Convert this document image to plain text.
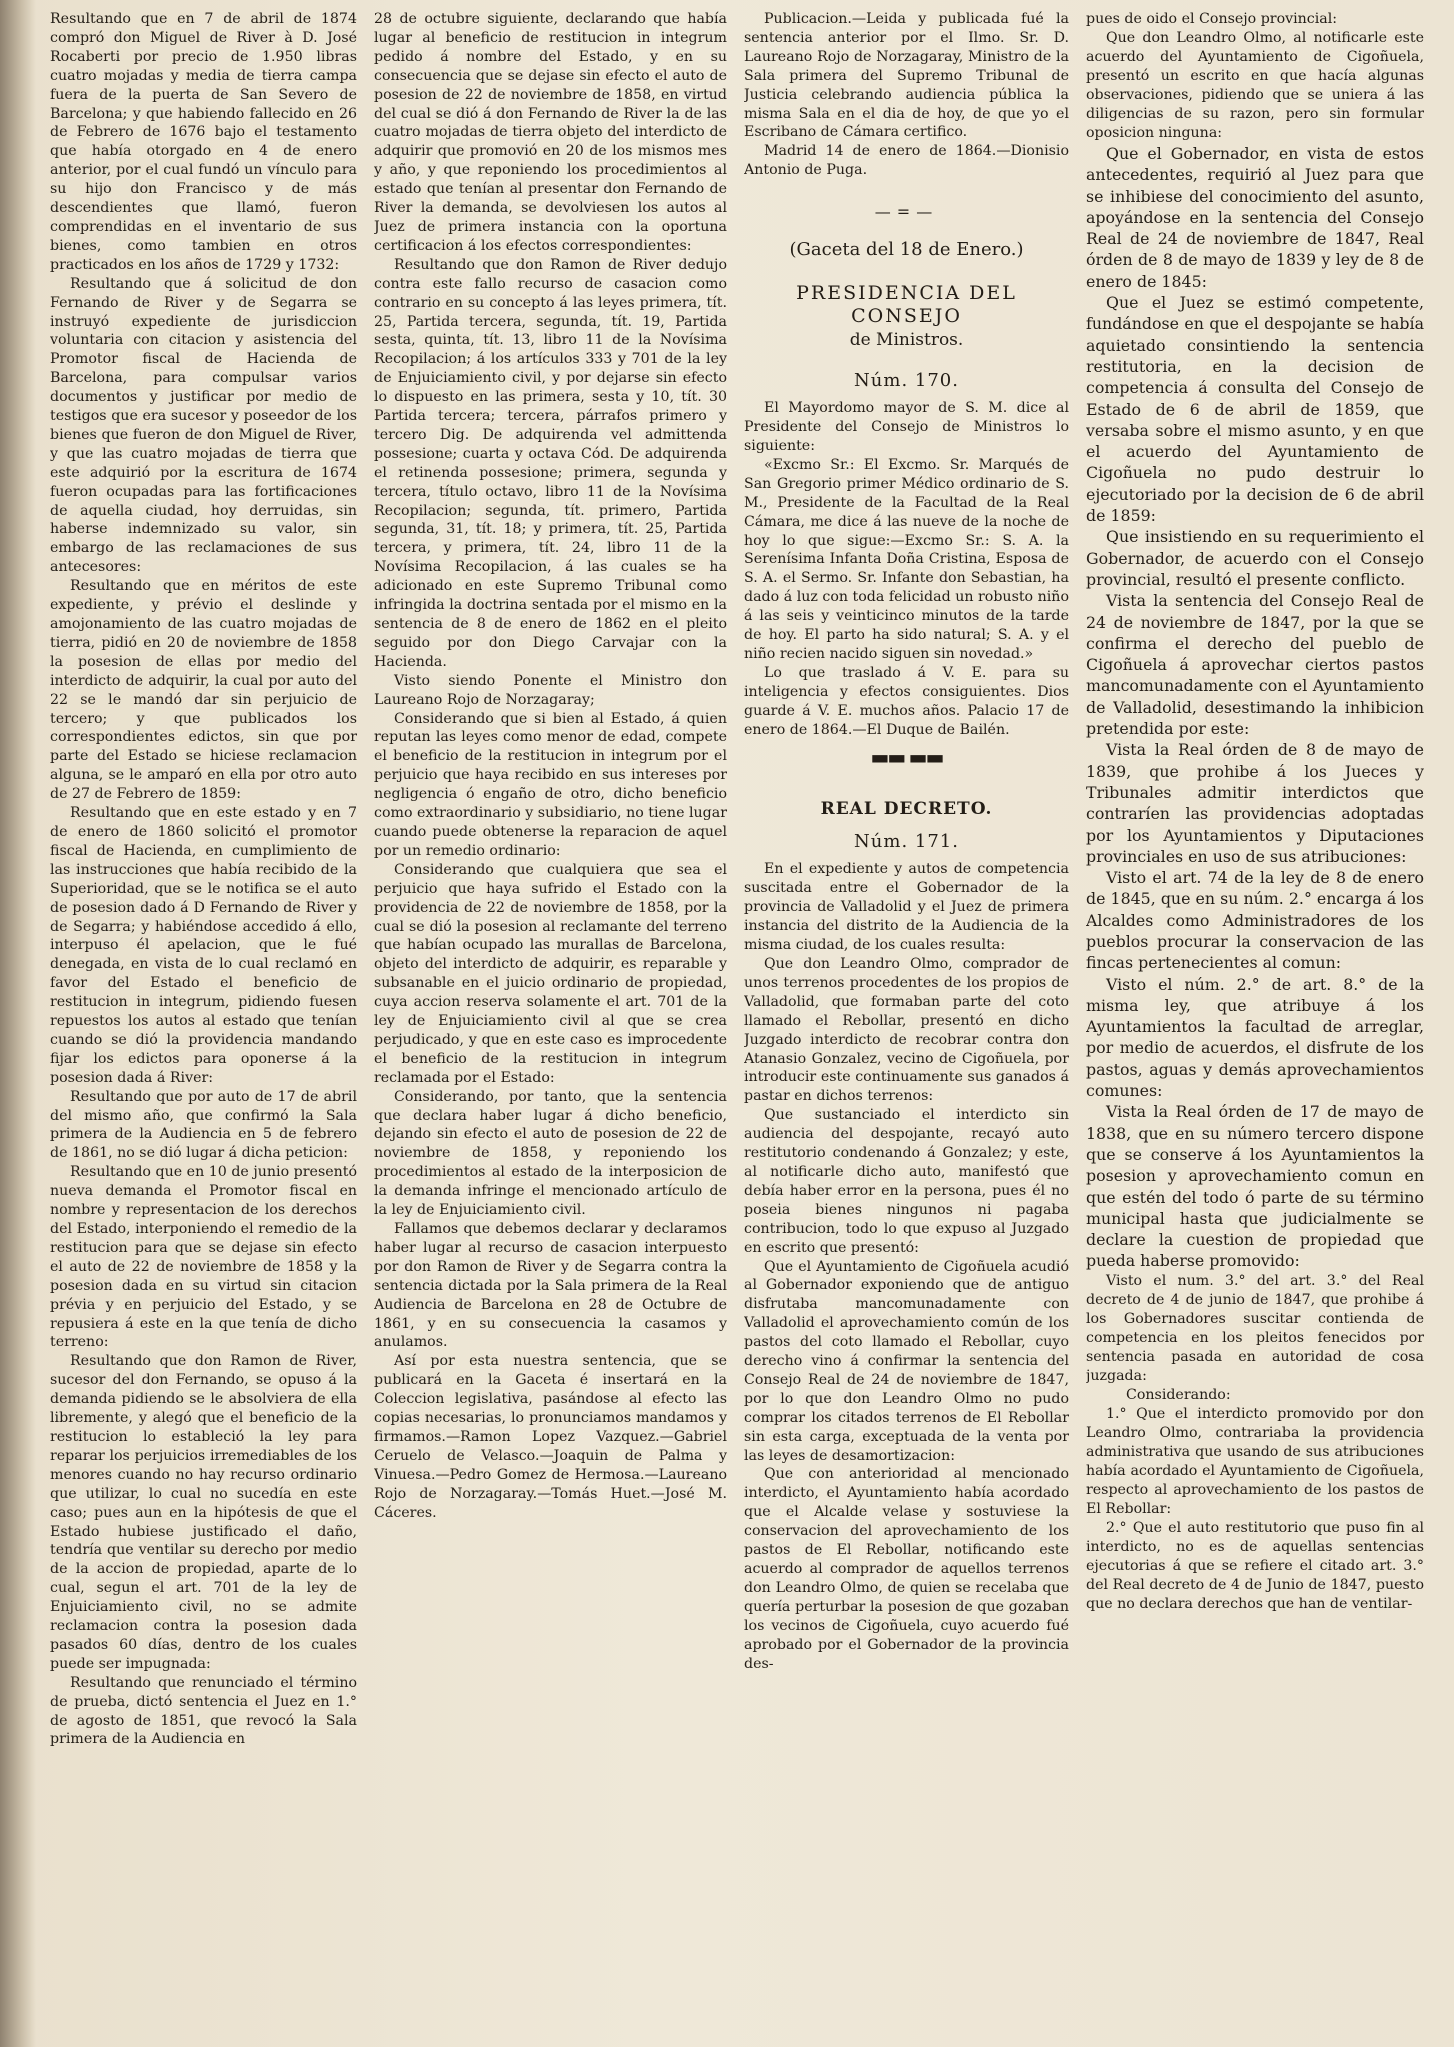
Resultando que en 7 de abril de 1874 compró don Miguel de River à D. José Rocaberti por precio de 1.950 libras cuatro mojadas y media de tierra campa fuera de la puerta de San Severo de Barcelona; y que habiendo fallecido en 26 de Febrero de 1676 bajo el testamento que había otorgado en 4 de enero anterior, por el cual fundó un vínculo para su hijo don Francisco y de más descendientes que llamó, fueron comprendidas en el inventario de sus bienes, como tambien en otros practicados en los años de 1729 y 1732:

Resultando que á solicitud de don Fernando de River y de Segarra se instruyó expediente de jurisdiccion voluntaria con citacion y asistencia del Promotor fiscal de Hacienda de Barcelona, para compulsar varios documentos y justificar por medio de testigos que era sucesor y poseedor de los bienes que fueron de don Miguel de River, y que las cuatro mojadas de tierra que este adquirió por la escritura de 1674 fueron ocupadas para las fortificaciones de aquella ciudad, hoy derruidas, sin haberse indemnizado su valor, sin embargo de las reclamaciones de sus antecesores:

Resultando que en méritos de este expediente, y prévio el deslinde y amojonamiento de las cuatro mojadas de tierra, pidió en 20 de noviembre de 1858 la posesion de ellas por medio del interdicto de adquirir, la cual por auto del 22 se le mandó dar sin perjuicio de tercero; y que publicados los correspondientes edictos, sin que por parte del Estado se hiciese reclamacion alguna, se le amparó en ella por otro auto de 27 de Febrero de 1859:

Resultando que en este estado y en 7 de enero de 1860 solicitó el promotor fiscal de Hacienda, en cumplimiento de las instrucciones que había recibido de la Superioridad, que se le notifica se el auto de posesion dado á D Fernando de River y de Segarra; y habiéndose accedido á ello, interpuso él apelacion, que le fué denegada, en vista de lo cual reclamó en favor del Estado el beneficio de restitucion in integrum, pidiendo fuesen repuestos los autos al estado que tenían cuando se dió la providencia mandando fijar los edictos para oponerse á la posesion dada á River:

Resultando que por auto de 17 de abril del mismo año, que confirmó la Sala primera de la Audiencia en 5 de febrero de 1861, no se dió lugar á dicha peticion:

Resultando que en 10 de junio presentó nueva demanda el Promotor fiscal en nombre y representacion de los derechos del Estado, interponiendo el remedio de la restitucion para que se dejase sin efecto el auto de 22 de noviembre de 1858 y la posesion dada en su virtud sin citacion prévia y en perjuicio del Estado, y se repusiera á este en la que tenía de dicho terreno:

Resultando que don Ramon de River, sucesor del don Fernando, se opuso á la demanda pidiendo se le absolviera de ella libremente, y alegó que el beneficio de la restitucion lo estableció la ley para reparar los perjuicios irremediables de los menores cuando no hay recurso ordinario que utilizar, lo cual no sucedía en este caso; pues aun en la hipótesis de que el Estado hubiese justificado el daño, tendría que ventilar su derecho por medio de la accion de propiedad, aparte de lo cual, segun el art. 701 de la ley de Enjuiciamiento civil, no se admite reclamacion contra la posesion dada pasados 60 días, dentro de los cuales puede ser impugnada:

Resultando que renunciado el término de prueba, dictó sentencia el Juez en 1.° de agosto de 1851, que revocó la Sala primera de la Audiencia en

28 de octubre siguiente, declarando que había lugar al beneficio de restitucion in integrum pedido á nombre del Estado, y en su consecuencia que se dejase sin efecto el auto de posesion de 22 de noviembre de 1858, en virtud del cual se dió á don Fernando de River la de las cuatro mojadas de tierra objeto del interdicto de adquirir que promovió en 20 de los mismos mes y año, y que reponiendo los procedimientos al estado que tenían al presentar don Fernando de River la demanda, se devolviesen los autos al Juez de primera instancia con la oportuna certificacion á los efectos correspondientes:

Resultando que don Ramon de River dedujo contra este fallo recurso de casacion como contrario en su concepto á las leyes primera, tít. 25, Partida tercera, segunda, tít. 19, Partida sesta, quinta, tít. 13, libro 11 de la Novísima Recopilacion; á los artículos 333 y 701 de la ley de Enjuiciamiento civil, y por dejarse sin efecto lo dispuesto en las primera, sesta y 10, tít. 30 Partida tercera; tercera, párrafos primero y tercero Dig. De adquirenda vel admittenda possesione; cuarta y octava Cód. De adquirenda el retinenda possesione; primera, segunda y tercera, título octavo, libro 11 de la Novísima Recopilacion; segunda, tít. primero, Partida segunda, 31, tít. 18; y primera, tít. 25, Partida tercera, y primera, tít. 24, libro 11 de la Novísima Recopilacion, á las cuales se ha adicionado en este Supremo Tribunal como infringida la doctrina sentada por el mismo en la sentencia de 8 de enero de 1862 en el pleito seguido por don Diego Carvajar con la Hacienda.

Visto siendo Ponente el Ministro don Laureano Rojo de Norzagaray;

Considerando que si bien al Estado, á quien reputan las leyes como menor de edad, compete el beneficio de la restitucion in integrum por el perjuicio que haya recibido en sus intereses por negligencia ó engaño de otro, dicho beneficio como extraordinario y subsidiario, no tiene lugar cuando puede obtenerse la reparacion de aquel por un remedio ordinario:

Considerando que cualquiera que sea el perjuicio que haya sufrido el Estado con la providencia de 22 de noviembre de 1858, por la cual se dió la posesion al reclamante del terreno que habían ocupado las murallas de Barcelona, objeto del interdicto de adquirir, es reparable y subsanable en el juicio ordinario de propiedad, cuya accion reserva solamente el art. 701 de la ley de Enjuiciamiento civil al que se crea perjudicado, y que en este caso es improcedente el beneficio de la restitucion in integrum reclamada por el Estado:

Considerando, por tanto, que la sentencia que declara haber lugar á dicho beneficio, dejando sin efecto el auto de posesion de 22 de noviembre de 1858, y reponiendo los procedimientos al estado de la interposicion de la demanda infringe el mencionado artículo de la ley de Enjuiciamiento civil.

Fallamos que debemos declarar y declaramos haber lugar al recurso de casacion interpuesto por don Ramon de River y de Segarra contra la sentencia dictada por la Sala primera de la Real Audiencia de Barcelona en 28 de Octubre de 1861, y en su consecuencia la casamos y anulamos.

Así por esta nuestra sentencia, que se publicará en la Gaceta é insertará en la Coleccion legislativa, pasándose al efecto las copias necesarias, lo pronunciamos mandamos y firmamos.—Ramon Lopez Vazquez.—Gabriel Ceruelo de Velasco.—Joaquin de Palma y Vinuesa.—Pedro Gomez de Hermosa.—Laureano Rojo de Norzagaray.—Tomás Huet.—José M. Cáceres.

Publicacion.—Leida y publicada fué la sentencia anterior por el Ilmo. Sr. D. Laureano Rojo de Norzagaray, Ministro de la Sala primera del Supremo Tribunal de Justicia celebrando audiencia pública la misma Sala en el dia de hoy, de que yo el Escribano de Cámara certifico.

Madrid 14 de enero de 1864.—Dionisio Antonio de Puga.

—=—
(Gaceta del 18 de Enero.)
PRESIDENCIA DEL CONSEJO
de Ministros.
Núm. 170.

El Mayordomo mayor de S. M. dice al Presidente del Consejo de Ministros lo siguiente:

«Excmo Sr.: El Excmo. Sr. Marqués de San Gregorio primer Médico ordinario de S. M., Presidente de la Facultad de la Real Cámara, me dice á las nueve de la noche de hoy lo que sigue:—Excmo Sr.: S. A. la Serenísima Infanta Doña Cristina, Esposa de S. A. el Sermo. Sr. Infante don Sebastian, ha dado á luz con toda felicidad un robusto niño á las seis y veinticinco minutos de la tarde de hoy. El parto ha sido natural; S. A. y el niño recien nacido siguen sin novedad.»

Lo que traslado á V. E. para su inteligencia y efectos consiguientes. Dios guarde á V. E. muchos años. Palacio 17 de enero de 1864.—El Duque de Bailén.

▬▬ ▬▬
REAL DECRETO.
Núm. 171.

En el expediente y autos de competencia suscitada entre el Gobernador de la provincia de Valladolid y el Juez de primera instancia del distrito de la Audiencia de la misma ciudad, de los cuales resulta:

Que don Leandro Olmo, comprador de unos terrenos procedentes de los propios de Valladolid, que formaban parte del coto llamado el Rebollar, presentó en dicho Juzgado interdicto de recobrar contra don Atanasio Gonzalez, vecino de Cigoñuela, por introducir este continuamente sus ganados á pastar en dichos terrenos:

Que sustanciado el interdicto sin audiencia del despojante, recayó auto restitutorio condenando á Gonzalez; y este, al notificarle dicho auto, manifestó que debía haber error en la persona, pues él no poseia bienes ningunos ni pagaba contribucion, todo lo que expuso al Juzgado en escrito que presentó:

Que el Ayuntamiento de Cigoñuela acudió al Gobernador exponiendo que de antiguo disfrutaba mancomunadamente con Valladolid el aprovechamiento común de los pastos del coto llamado el Rebollar, cuyo derecho vino á confirmar la sentencia del Consejo Real de 24 de noviembre de 1847, por lo que don Leandro Olmo no pudo comprar los citados terrenos de El Rebollar sin esta carga, exceptuada de la venta por las leyes de desamortizacion:

Que con anterioridad al mencionado interdicto, el Ayuntamiento había acordado que el Alcalde velase y sostuviese la conservacion del aprovechamiento de los pastos de El Rebollar, notificando este acuerdo al comprador de aquellos terrenos don Leandro Olmo, de quien se recelaba que quería perturbar la posesion de que gozaban los vecinos de Cigoñuela, cuyo acuerdo fué aprobado por el Gobernador de la provincia des-

pues de oido el Consejo provincial:

Que don Leandro Olmo, al notificarle este acuerdo del Ayuntamiento de Cigoñuela, presentó un escrito en que hacía algunas observaciones, pidiendo que se uniera á las diligencias de su razon, pero sin formular oposicion ninguna:

Que el Gobernador, en vista de estos antecedentes, requirió al Juez para que se inhibiese del conocimiento del asunto, apoyándose en la sentencia del Consejo Real de 24 de noviembre de 1847, Real órden de 8 de mayo de 1839 y ley de 8 de enero de 1845:

Que el Juez se estimó competente, fundándose en que el despojante se había aquietado consintiendo la sentencia restitutoria, en la decision de competencia á consulta del Consejo de Estado de 6 de abril de 1859, que versaba sobre el mismo asunto, y en que el acuerdo del Ayuntamiento de Cigoñuela no pudo destruir lo ejecutoriado por la decision de 6 de abril de 1859:

Que insistiendo en su requerimiento el Gobernador, de acuerdo con el Consejo provincial, resultó el presente conflicto.

Vista la sentencia del Consejo Real de 24 de noviembre de 1847, por la que se confirma el derecho del pueblo de Cigoñuela á aprovechar ciertos pastos mancomunadamente con el Ayuntamiento de Valladolid, desestimando la inhibicion pretendida por este:

Vista la Real órden de 8 de mayo de 1839, que prohibe á los Jueces y Tribunales admitir interdictos que contraríen las providencias adoptadas por los Ayuntamientos y Diputaciones provinciales en uso de sus atribuciones:

Visto el art. 74 de la ley de 8 de enero de 1845, que en su núm. 2.° encarga á los Alcaldes como Administradores de los pueblos procurar la conservacion de las fincas pertenecientes al comun:

Visto el núm. 2.° de art. 8.° de la misma ley, que atribuye á los Ayuntamientos la facultad de arreglar, por medio de acuerdos, el disfrute de los pastos, aguas y demás aprovechamientos comunes:

Vista la Real órden de 17 de mayo de 1838, que en su número tercero dispone que se conserve á los Ayuntamientos la posesion y aprovechamiento comun en que estén del todo ó parte de su término municipal hasta que judicialmente se declare la cuestion de propiedad que pueda haberse promovido:

Visto el num. 3.° del art. 3.° del Real decreto de 4 de junio de 1847, que prohibe á los Gobernadores suscitar contienda de competencia en los pleitos fenecidos por sentencia pasada en autoridad de cosa juzgada:

Considerando:

1.° Que el interdicto promovido por don Leandro Olmo, contrariaba la providencia administrativa que usando de sus atribuciones había acordado el Ayuntamiento de Cigoñuela, respecto al aprovechamiento de los pastos de El Rebollar:

2.° Que el auto restitutorio que puso fin al interdicto, no es de aquellas sentencias ejecutorias á que se refiere el citado art. 3.° del Real decreto de 4 de Junio de 1847, puesto que no declara derechos que han de ventilar-
